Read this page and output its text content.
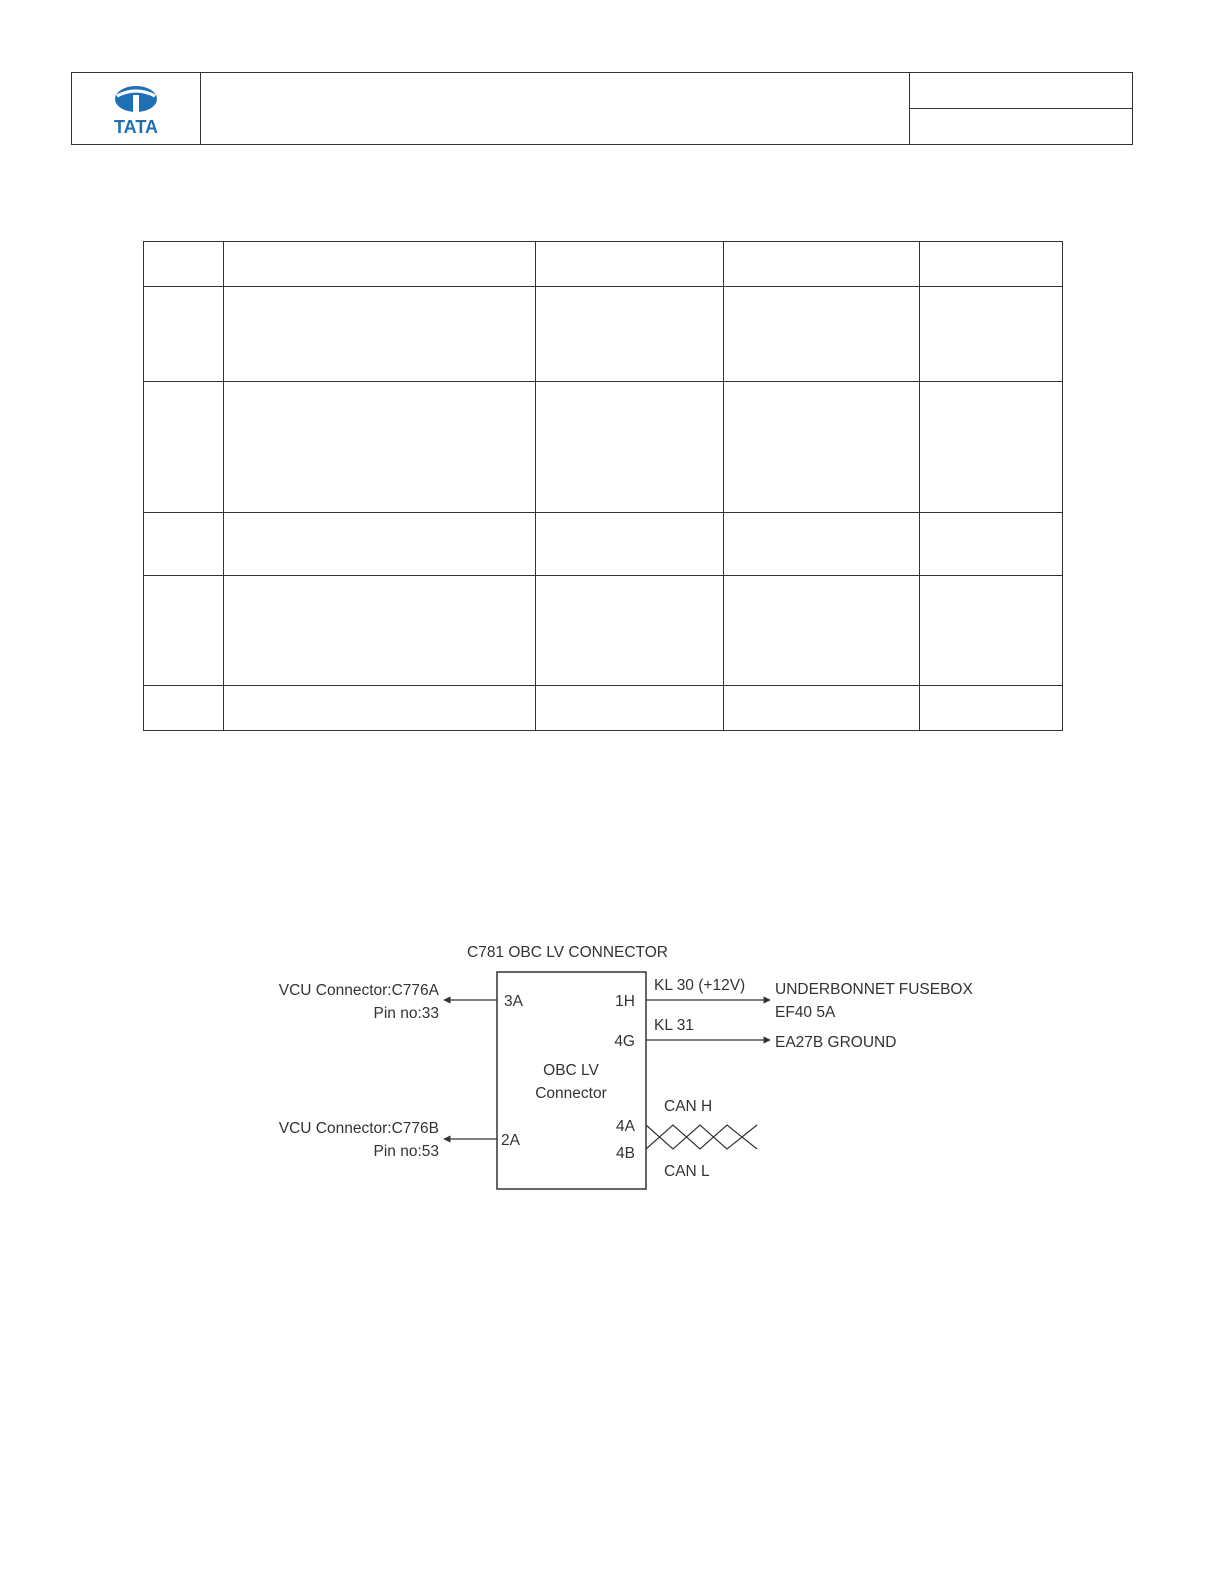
TATA

C781 OBC LV CONNECTOR
OBC LV
Connector
3A
VCU Connector:C776A
Pin no:33
2A
VCU Connector:C776B
Pin no:53
1H
KL 30 (+12V) UNDERBONNET FUSEBOX
EF40 5A
4G
KL 31
EA27B GROUND
4A
4B
CAN H
CAN L
